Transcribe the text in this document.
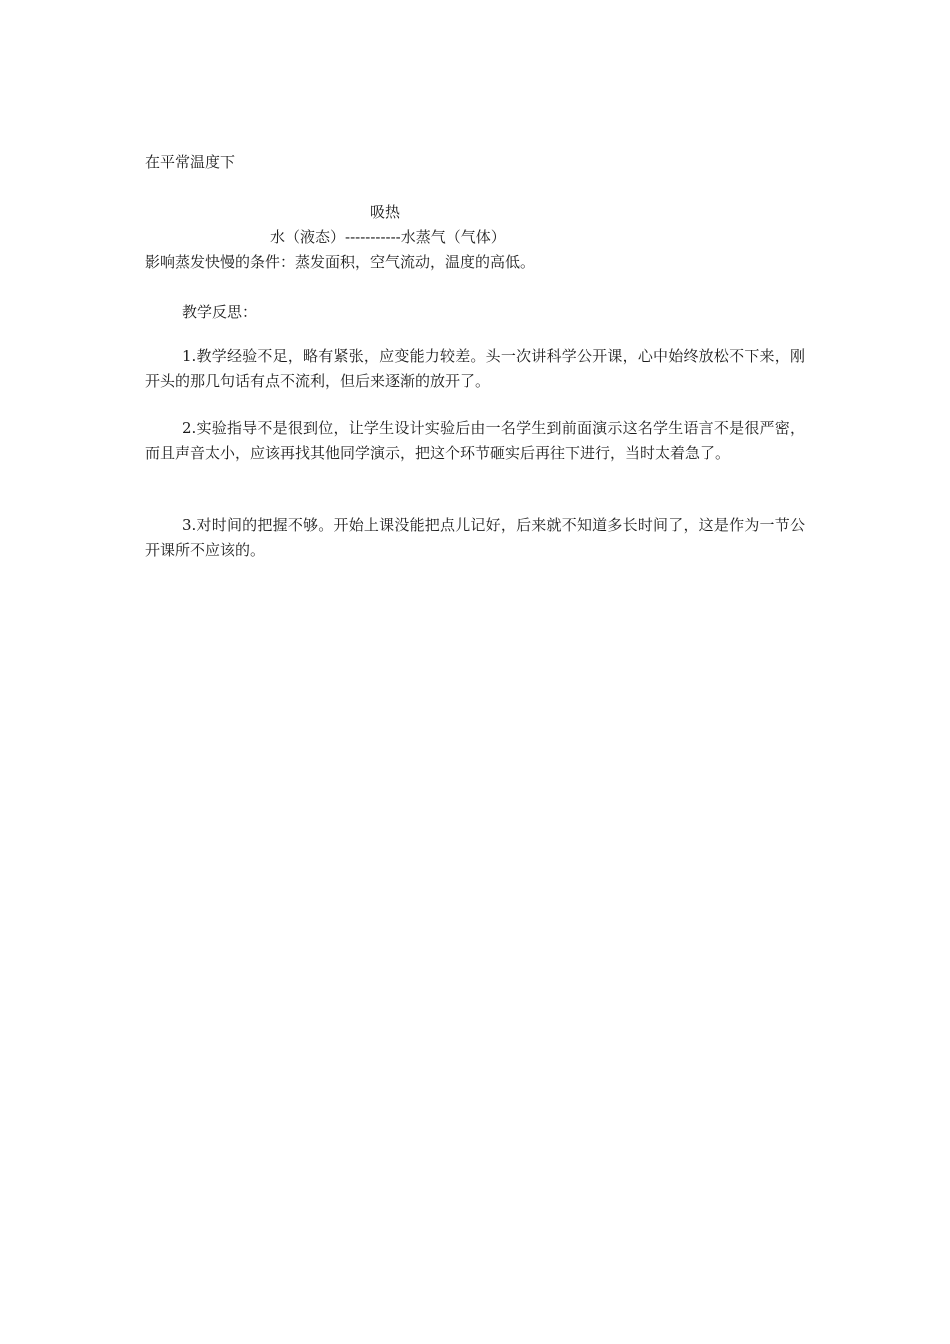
在平常温度下
吸热
水（液态）-----------水蒸气（气体）
影响蒸发快慢的条件：蒸发面积，空气流动，温度的高低。
教学反思：
1.教学经验不足，略有紧张，应变能力较差。头一次讲科学公开课，心中始终放松不下来，刚开头的那几句话有点不流利，但后来逐渐的放开了。
2.实验指导不是很到位，让学生设计实验后由一名学生到前面演示这名学生语言不是很严密，而且声音太小，应该再找其他同学演示，把这个环节砸实后再往下进行，当时太着急了。
3.对时间的把握不够。开始上课没能把点儿记好，后来就不知道多长时间了，这是作为一节公开课所不应该的。
